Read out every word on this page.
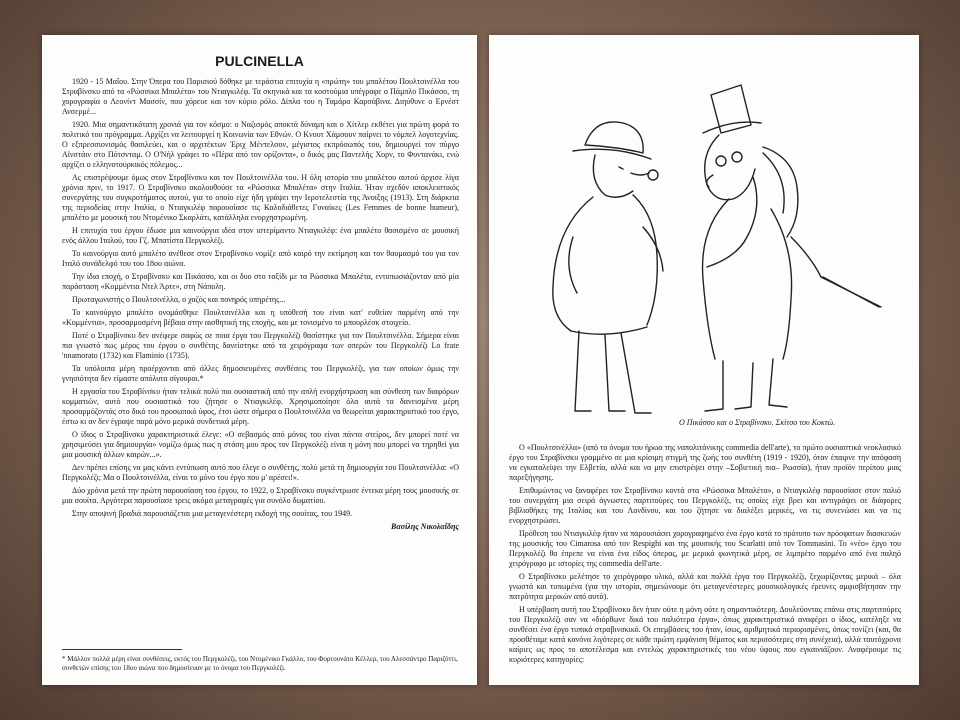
PULCINELLA

1920 - 15 Μαΐου. Στην Όπερα του Παρισιού δόθηκε με τεράστια επιτυχία η «πρώτη» του μπαλέτου Πουλτσινέλλα του Στραβίνσκυ από τα «Ρώσσικα Μπαλέτα» του Ντιαγκιλέφ. Τα σκηνικά και τα κοστούμια υπέγραφε ο Πάμπλο Πικάσσο, τη χορογραφία ο Λεονίντ Μασσίν, που χόρευε και τον κύριο ρόλο. Δίπλα του η Ταμάρα Καρσάβινα. Διηύθυνε ο Ερνέστ Ανσερμέ...

1920. Μια σημαντικότατη χρονιά για τον κόσμο: ο Ναζισμός αποκτά δύναμη και ο Χίτλερ εκθέτει για πρώτη φορά το πολιτικό του πρόγραμμα. Αρχίζει να λειτουργεί η Κοινωνία των Εθνών. Ο Κνουτ Χάμσουν παίρνει το νόμπελ λογοτεχνίας. Ο εξπρεσσιονισμός θασιλεύει, και ο αρχιτέκτων Έριχ Μέντελσον, μέγιστος εκπρόσωπός του, δημιουργεί τον πύργο Αϊνστάιν στο Πότσνταμ. Ο Ο'Νήλ γράφει το «Πέρα από τον ορίζοντα», ο δικός μας Παντελής Χορν, το Φυντανάκι, ενώ αρχίζει ο ελληνοτουρκικός πόλεμος...

Ας επιστρέψουμε όμως στον Στραβίνσκυ και τον Πουλτσινέλλα του. Η όλη ιστορία του μπαλέτου αυτού άρχισε λίγα χρόνια πριν, το 1917. Ο Στραβίνσκυ ακολουθούσε τα «Ρώσσικα Μπαλέτα» στην Ιταλία. Ήταν σχεδόν αποκλειστικός συνεργάτης του συγκροτήματος αυτού, για το οποίο είχε ήδη γράψει την Ιεροτελεστία της Άνοιξης (1913). Στη διάρκεια της περιοδείας στην Ιταλία, ο Ντιαγκιλέφ παρουσίασε τις Καλοδιάθετες Γυναίκες (Les Femmes de bonne humeur), μπαλέτο με μουσική του Ντομένικο Σκαρλάτι, κατάλληλα ενορχηστρωμένη.

Η επιτυχία του έργου έδωσε μια καινούργια ιδέα στον ιστερίμαντο Ντιαγκιλέφ: ένα μπαλέτο θασισμένο σε μουσική ενός άλλου Ιταλού, του Γζ. Μπατίστα Περγκολέζι.

Το καινούργιο αυτό μπαλέτο ανέθεσε στον Στραβίνσκυ νομίζε από καιρό την εκτίμηση και τον θαυμασμό του για τον Ιταλό συνάδελφό του του 18ου αιώνα.

Την ίδια εποχή, ο Στραβίνσκυ και Πικάσσο, και οι δυο στο ταξίδι με τα Ρώσσικα Μπαλέτα, εντυπωσιάζονταν από μία παράσταση «Κομμέντια Ντελ Άρτε», στη Νάπολη.

Πρωταγωνιστής ο Πουλτσινέλλα, ο χαζός και πονηρός υπηρέτης...

Το καινούργιο μπαλέτο ονομάσθηκε Πουλτσινέλλα και η υπόθεσή του είναι κατ' ευθείαν παρμένη από την «Κομμέντια», προσαρμοσμένη βέβαια στην αισθητική της εποχής, και με τονισμένο το μπουρλέσκ στοιχείο.

Ποτέ ο Στραβίνσκυ δεν ανέφερε σαφώς σε ποια έργα του Περγκολέζι θασίστηκε για τον Πουλτσινέλλα. Σήμερα είναι πια γνωστό πως μέρος του έργου ο συνθέτης δανείστηκε από τα χειρόγραφα των οπερών του Περγκολέζι Lo frate 'nnamorato (1732) και Flaminio (1735).

Τα υπόλοιπα μέρη προέρχονται από άλλες δημοσιευμένες συνθέσεις του Περγκολέζι, για των οποίων όμως την γνησιότητα δεν είμαστε απόλυτα σίγουροι.*

Η εργασία του Στραβίνσκυ ήταν τελικά πολύ πιο ουσιαστική από την απλή ενορχήστρωση και σύνθεση των διαφόρων κομματιών, αυτό που ουσιαστικά του ζήτησε ο Ντιαγκιλέφ. Χρησιμοποίησε όλα αυτά τα δανεισμένα μέρη προσαρμόζοντάς στο δικό του προσωπικό ύφος, έτσι ώστε σήμερα ο Πουλτσινέλλα να θεωρείται χαρακτηριστικό του έργο, έστω κι αν δεν έγραψε παρά μόνο μερικά συνδετικά μέρη.

Ο ίδιος ο Στραβίνσκυ χαρακτηριστικά έλεγε: «Ο σεβασμός από μόνος του είναι πάντα στείρος, δεν μπορεί ποτέ να χρησιμεύσει για δημιουργία» νομίζω όμως πως η στάση μου προς τον Περγκολέζι είναι η μόνη που μπορεί να τηρηθεί για μια μουσική άλλων καιρών...».

Δεν πρέπει επίσης να μας κάνει εντύπωση αυτό που έλεγε ο συνθέτης, πολύ μετά τη δημιουργία του Πουλτσινέλλα: «Ο Περγκολέζι; Μα ο Πουλτσινέλλα, είναι το μόνο του έργο που μ' αρέσει!».

Δύο χρόνια μετά την πρώτη παρουσίαση του έργου, το 1922, ο Στραβίνσκυ συγκέντρωσε έντεκα μέρη τους μουσικής σε μια σουίτα. Αργότερα παρουσίασε τρεις ακόμα μεταγραφές για συνόλο δωματίου.

Στην αποψινή βραδιά παρουσιάζεται μια μεταγενέστερη εκδοχή της σουίτας, του 1949.

Βασίλης Νικολαΐδης
* Μάλλον πολλά μέρη είναι συνθέσεις, εκτός του Περγκολέζι, του Ντομένικο Γκάλλο, του Φορτουνάτο Κέλλερ, του Αλεσσάντρο Παριζόττι, συνθετών επίσης του 18ου αιώνα που δημοσίευαν με το όνομα του Περγκολέζι.
Ο Πικάσσο και ο Στραβίνσκυ. Σκίτσο του Κοκτώ.

Ο «Πουλτσινέλλα» (από το όνομα του ήρωα της ναπολιτάνικης commedia dell'arte), το πρώτο ουσιαστικά νεοκλασικό έργο του Στραβίνσκυ γραμμένο σε μια κρίσιμη στιγμή της ζωής του συνθέτη (1919 - 1920), όταν έπαιρνε την απόφαση να εγκαταλείψει την Ελβετία, αλλά και να μην επιστρέψει στην –Σοβιετική πια– Ρωσσία), ήταν προϊόν περίπου μιας παρεξήγησης.

Επιθυμώντας να ξαναφέρει τον Στραβίνσκυ κοντά στα «Ρώσσικα Μπαλέτα», ο Ντιαγκιλέφ παρουσίασε στον παλιό του συνεργάτη μια σειρά άγνωστες παρτιτούρες του Περγκολέζι, τις οποίες είχε βρει και αντιγράψει σε διάφορες βιβλιοθήκες της Ιταλίας και του Λονδίνου, και του ζήτησε να διαλέξει μερικές, να τις συνενώσει και να τις ενορχηστρώσει.

Πρόθεση του Ντιαγκιλέφ ήταν να παρουσιάσει χορογραφημένο ένα έργο κατά το πρότυπο των πρόσφατων διασκευών της μουσικής του Cimarosa από τον Respighi και της μουσικής του Scarlatti από τον Tommasini. Το «νέο» έργο του Περγκολέζι θα έπρεπε να είναι ένα είδος όπερας, με μερικά φωνητικά μέρη, σε λιμπρέτο παρμένο από ένα παληό χειρόγραφο με ιστορίες της commedia dell'arte.

Ο Στραβίνσκυ μελέτησε το χειρόγραφο υλικό, αλλά και πολλά έργα του Περγκολέζι, ξεχωρίζοντας μερικά – όλα γνωστά και τυπωμένα (για την ιστορία, σημειώνουμε ότι μεταγενέστερες μουσικολογικές έρευνες αμφισβήτησαν την πατρότητα μερικών από αυτά).

Η υπέρβαση αυτή του Στραβίνσκυ δεν ήταν ούτε η μόνη ούτε η σημαντικότερη. Δουλεύοντας επάνω στις παρτιτούρες του Περγκολέζι σαν να «διόρθωνε δικά του παλιότερα έργα», όπως χαρακτηριστικά αναφέρει ο ίδιος, κατέληξε να συνθέσει ένα έργο τυπικά στραβινσκικό. Οι επεμβάσεις του ήταν, ίσως, αριθμητικά περιορισμένες, όπως τονίζει (και, θα προσθέταμε κατά κανόνα λιγότερες σε κάθε πρώτη εμφάνιση θέματος και περισσότερες στη συνέχεια), αλλά ταυτόχρονα καίριες ως προς το αποτέλεσμα και εντελώς χαρακτηριστικές του νέου ύφους που εγκαινιάζουν. Αναφέρουμε τις κυριότερες κατηγορίες:
